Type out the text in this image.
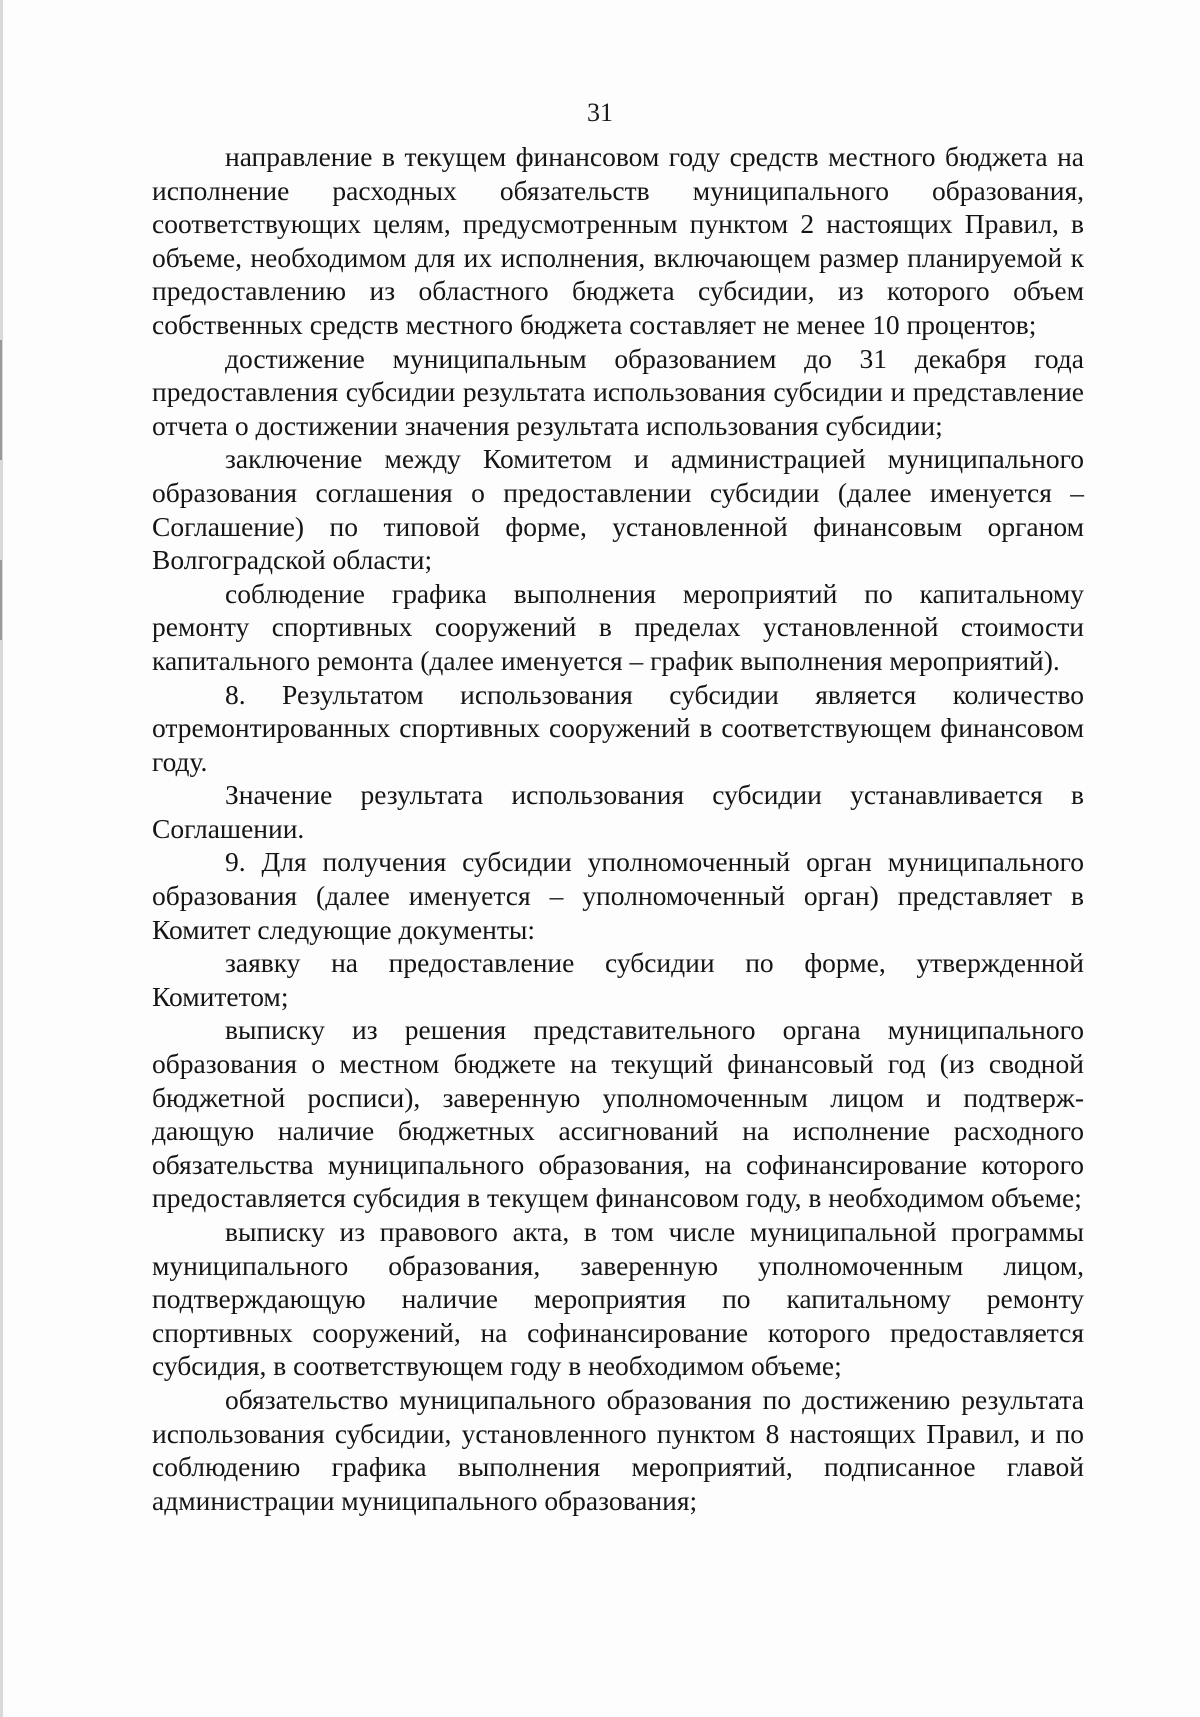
31

направление в текущем финансовом году средств местного бюджета на исполнение расходных обязательств муниципального образования, соответствующих целям, предусмотренным пунктом 2 настоящих Правил, в объеме, необходимом для их исполнения, включающем размер планируемой к предоставлению из областного бюджета субсидии, из которого объем собственных средств местного бюджета составляет не менее 10 процентов;

достижение муниципальным образованием до 31 декабря года предоставления субсидии результата использования субсидии и представление отчета о достижении значения результата использования субсидии;

заключение между Комитетом и администрацией муниципального образования соглашения о предоставлении субсидии (далее именуется – Соглашение) по типовой форме, установленной финансовым органом Волгоградской области;

соблюдение графика выполнения мероприятий по капитальному ремонту спортивных сооружений в пределах установленной стоимости капитального ремонта (далее именуется – график выполнения мероприятий).

8. Результатом использования субсидии является количество отремонтированных спортивных сооружений в соответствующем финансовом году.

Значение результата использования субсидии устанавливается в Соглашении.

9. Для получения субсидии уполномоченный орган муниципального образования (далее именуется – уполномоченный орган) представляет в Комитет следующие документы:

заявку на предоставление субсидии по форме, утвержденной Комитетом;

выписку из решения представительного органа муниципального образования о местном бюджете на текущий финансовый год (из сводной бюджетной росписи), заверенную уполномоченным лицом и подтверж-дающую наличие бюджетных ассигнований на исполнение расходного обязательства муниципального образования, на софинансирование которого предоставляется субсидия в текущем финансовом году, в необходимом объеме;

выписку из правового акта, в том числе муниципальной программы муниципального образования, заверенную уполномоченным лицом, подтверждающую наличие мероприятия по капитальному ремонту спортивных сооружений, на софинансирование которого предоставляется субсидия, в соответствующем году в необходимом объеме;

обязательство муниципального образования по достижению результата использования субсидии, установленного пунктом 8 настоящих Правил, и по соблюдению графика выполнения мероприятий, подписанное главой администрации муниципального образования;
